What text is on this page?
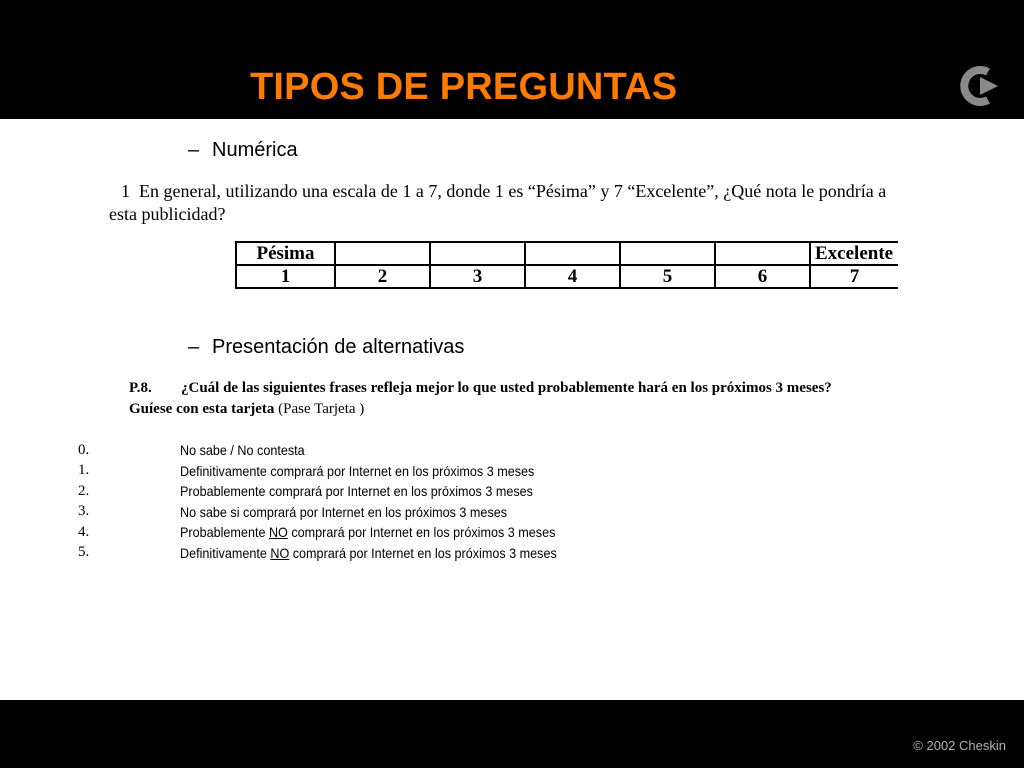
TIPOS DE PREGUNTAS
– Numérica
1 En general, utilizando una escala de 1 a 7, donde 1 es “Pésima” y 7 “Excelente”, ¿Qué nota le pondría a esta publicidad?
Pésima						Excelente
1	2	3	4	5	6	7
– Presentación de alternativas
P.8. ¿Cuál de las siguientes frases refleja mejor lo que usted probablemente hará en los próximos 3 meses?
Guíese con esta tarjeta (Pase Tarjeta )
0.	No sabe / No contesta
1.	Definitivamente comprará por Internet en los próximos 3 meses
2.	Probablemente comprará por Internet en los próximos 3 meses
3.	No sabe si comprará por Internet en los próximos 3 meses
4.	Probablemente NO comprará por Internet en los próximos 3 meses
5.	Definitivamente NO comprará por Internet en los próximos 3 meses
© 2002 Cheskin
